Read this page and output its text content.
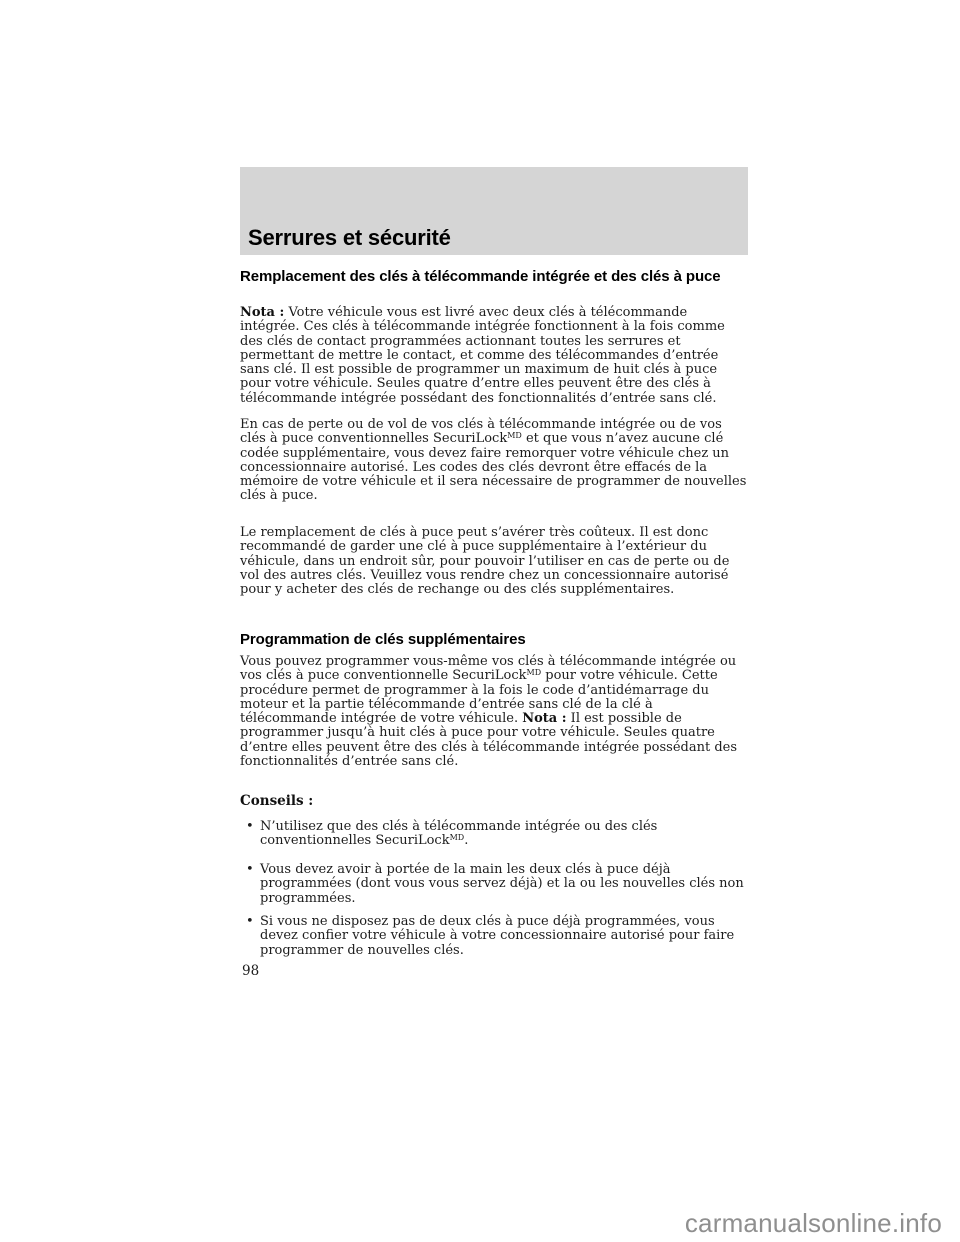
Serrures et sécurité
Remplacement des clés à télécommande intégrée et des clés à puce
Nota : Votre véhicule vous est livré avec deux clés à télécommande intégrée. Ces clés à télécommande intégrée fonctionnent à la fois comme des clés de contact programmées actionnant toutes les serrures et permettant de mettre le contact, et comme des télécommandes d’entrée sans clé. Il est possible de programmer un maximum de huit clés à puce pour votre véhicule. Seules quatre d’entre elles peuvent être des clés à télécommande intégrée possédant des fonctionnalités d’entrée sans clé.
En cas de perte ou de vol de vos clés à télécommande intégrée ou de vos clés à puce conventionnelles SecuriLock$^{MD}$ et que vous n’avez aucune clé codée supplémentaire, vous devez faire remorquer votre véhicule chez un concessionnaire autorisé. Les codes des clés devront être effacés de la mémoire de votre véhicule et il sera nécessaire de programmer de nouvelles clés à puce.
Le remplacement de clés à puce peut s’avérer très coûteux. Il est donc recommandé de garder une clé à puce supplémentaire à l’extérieur du véhicule, dans un endroit sûr, pour pouvoir l’utiliser en cas de perte ou de vol des autres clés. Veuillez vous rendre chez un concessionnaire autorisé pour y acheter des clés de rechange ou des clés supplémentaires.
Programmation de clés supplémentaires
Vous pouvez programmer vous-même vos clés à télécommande intégrée ou vos clés à puce conventionnelle SecuriLock$^{MD}$ pour votre véhicule. Cette procédure permet de programmer à la fois le code d’antidémarrage du moteur et la partie télécommande d’entrée sans clé de la clé à télécommande intégrée de votre véhicule. Nota : Il est possible de programmer jusqu’à huit clés à puce pour votre véhicule. Seules quatre d’entre elles peuvent être des clés à télécommande intégrée possédant des fonctionnalités d’entrée sans clé.
Conseils :
• N’utilisez que des clés à télécommande intégrée ou des clés conventionnelles SecuriLock$^{MD}$.
• Vous devez avoir à portée de la main les deux clés à puce déjà programmées (dont vous vous servez déjà) et la ou les nouvelles clés non programmées.
• Si vous ne disposez pas de deux clés à puce déjà programmées, vous devez confier votre véhicule à votre concessionnaire autorisé pour faire programmer de nouvelles clés.
98
carmanualsonline.info
